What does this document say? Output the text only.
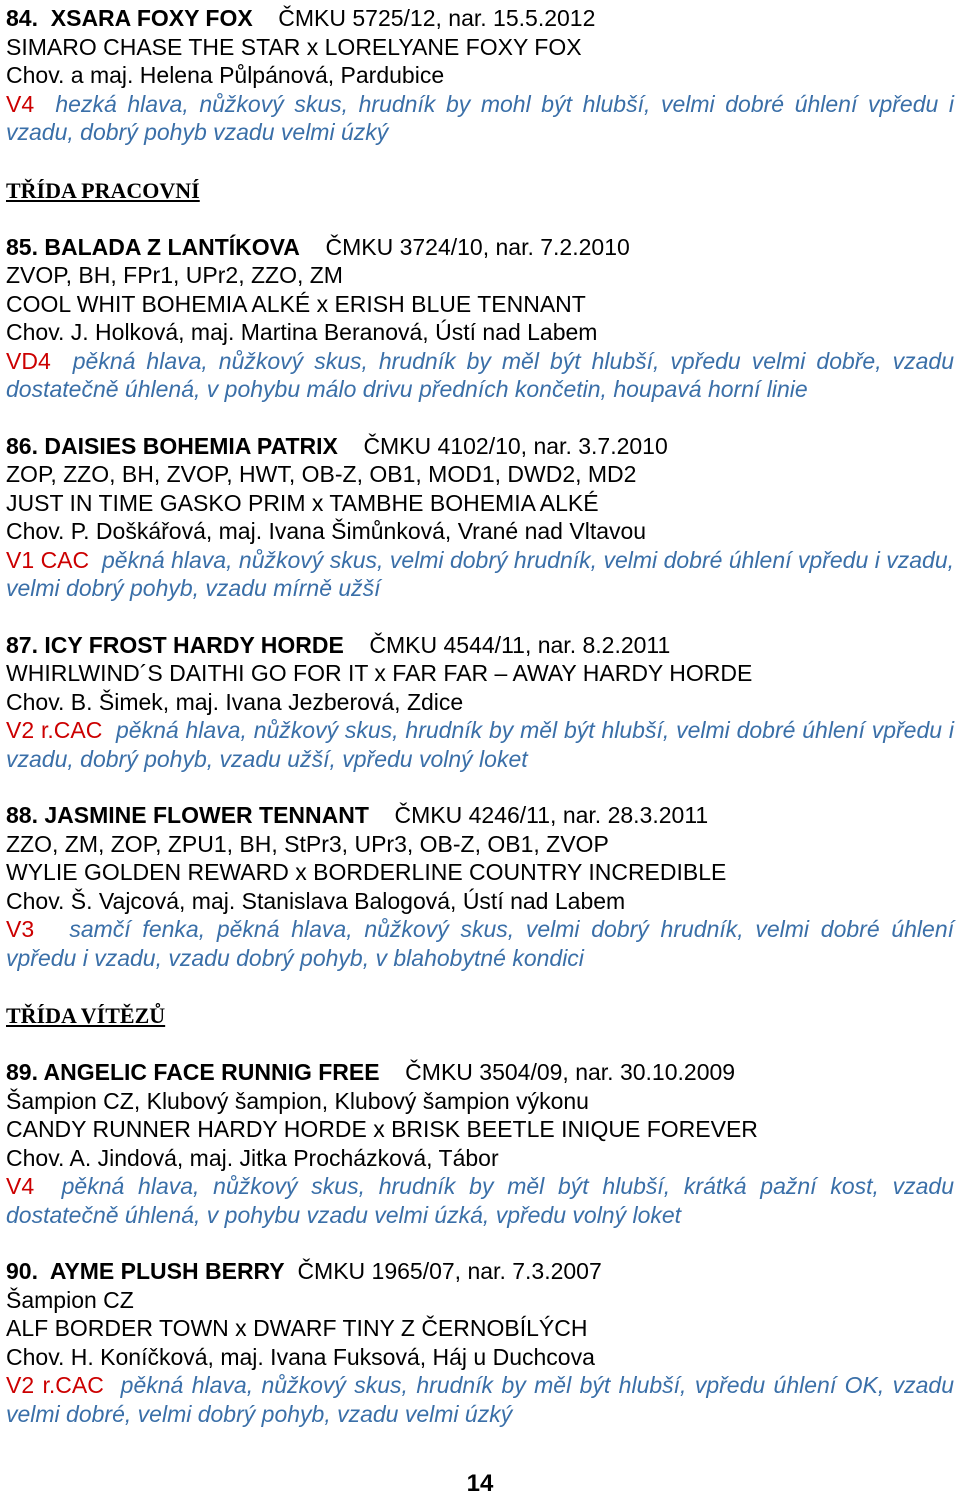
84. XSARA FOXY FOX ČMKU 5725/12, nar. 15.5.2012
SIMARO CHASE THE STAR x LORELYANE FOXY FOX
Chov. a maj. Helena Půlpánová, Pardubice
V4 hezká hlava, nůžkový skus, hrudník by mohl být hlubší, velmi dobré úhlení vpředu i vzadu, dobrý pohyb vzadu velmi úzký
TŘÍDA PRACOVNÍ
85. BALADA Z LANTÍKOVA ČMKU 3724/10, nar. 7.2.2010
ZVOP, BH, FPr1, UPr2, ZZO, ZM
COOL WHIT BOHEMIA ALKÉ x ERISH BLUE TENNANT
Chov. J. Holková, maj. Martina Beranová, Ústí nad Labem
VD4 pěkná hlava, nůžkový skus, hrudník by měl být hlubší, vpředu velmi dobře, vzadu dostatečně úhlená, v pohybu málo drivu předních končetin, houpavá horní linie
86. DAISIES BOHEMIA PATRIX ČMKU 4102/10, nar. 3.7.2010
ZOP, ZZO, BH, ZVOP, HWT, OB-Z, OB1, MOD1, DWD2, MD2
JUST IN TIME GASKO PRIM x TAMBHE BOHEMIA ALKÉ
Chov. P. Doškářová, maj. Ivana Šimůnková, Vrané nad Vltavou
V1 CAC pěkná hlava, nůžkový skus, velmi dobrý hrudník, velmi dobré úhlení vpředu i vzadu, velmi dobrý pohyb, vzadu mírně užší
87. ICY FROST HARDY HORDE ČMKU 4544/11, nar. 8.2.2011
WHIRLWIND´S DAITHI GO FOR IT x FAR FAR – AWAY HARDY HORDE
Chov. B. Šimek, maj. Ivana Jezberová, Zdice
V2 r.CAC pěkná hlava, nůžkový skus, hrudník by měl být hlubší, velmi dobré úhlení vpředu i vzadu, dobrý pohyb, vzadu užší, vpředu volný loket
88. JASMINE FLOWER TENNANT ČMKU 4246/11, nar. 28.3.2011
ZZO, ZM, ZOP, ZPU1, BH, StPr3, UPr3, OB-Z, OB1, ZVOP
WYLIE GOLDEN REWARD x BORDERLINE COUNTRY INCREDIBLE
Chov. Š. Vajcová, maj. Stanislava Balogová, Ústí nad Labem
V3 samčí fenka, pěkná hlava, nůžkový skus, velmi dobrý hrudník, velmi dobré úhlení vpředu i vzadu, vzadu dobrý pohyb, v blahobytné kondici
TŘÍDA VÍTĚZŮ
89. ANGELIC FACE RUNNIG FREE ČMKU 3504/09, nar. 30.10.2009
Šampion CZ, Klubový šampion, Klubový šampion výkonu
CANDY RUNNER HARDY HORDE x BRISK BEETLE INIQUE FOREVER
Chov. A. Jindová, maj. Jitka Procházková, Tábor
V4 pěkná hlava, nůžkový skus, hrudník by měl být hlubší, krátká pažní kost, vzadu dostatečně úhlená, v pohybu vzadu velmi úzká, vpředu volný loket
90. AYME PLUSH BERRY ČMKU 1965/07, nar. 7.3.2007
Šampion CZ
ALF BORDER TOWN x DWARF TINY Z ČERNOBÍLÝCH
Chov. H. Koníčková, maj. Ivana Fuksová, Háj u Duchcova
V2 r.CAC pěkná hlava, nůžkový skus, hrudník by měl být hlubší, vpředu úhlení OK, vzadu velmi dobré, velmi dobrý pohyb, vzadu velmi úzký
14
